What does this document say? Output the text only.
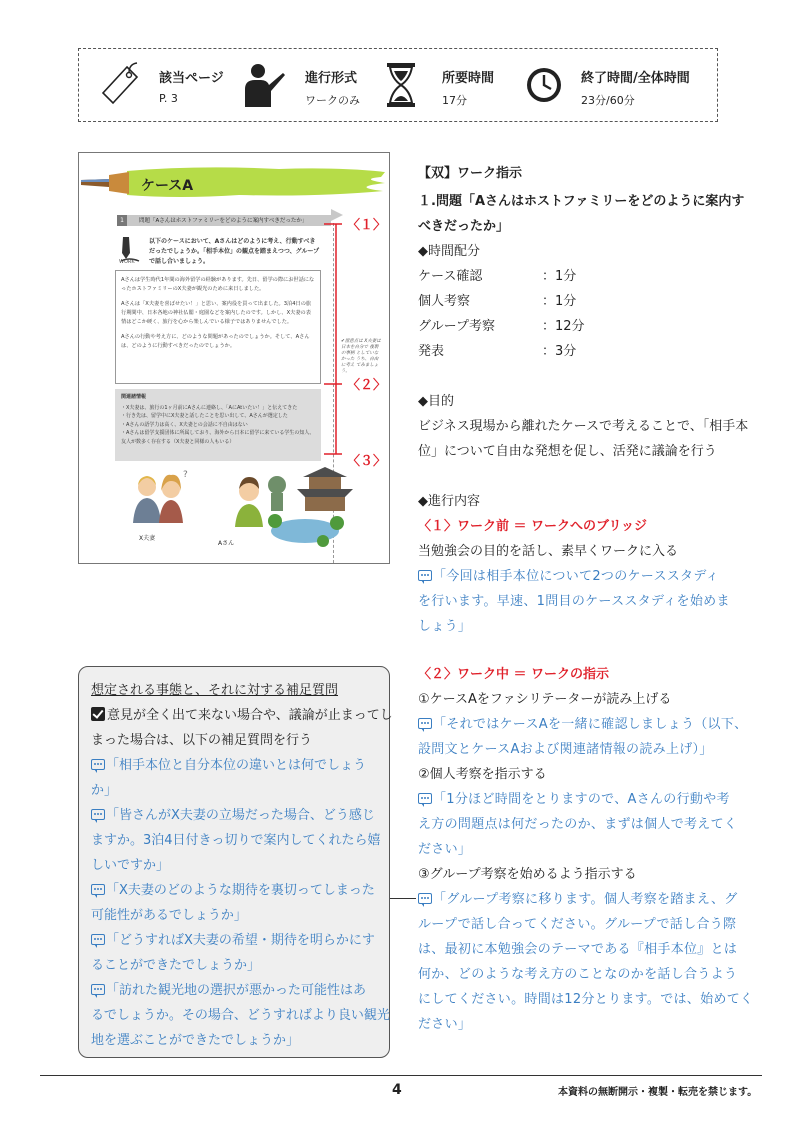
該当ページ
P. 3
進行形式
ワークのみ
所要時間
17分
終了時間/全体時間
23分/60分
ケースA
1	問題「Aさんはホストファミリーをどのように案内すべきだったか」
WORK
以下のケースにおいて、Aさんはどのように考え、行動すべきだったでしょうか。「相手本位」の観点を踏まえつつ、グループで話し合いましょう。

Aさんは学生時代1年間の海外留学の経験があります。先日、留学の際にお世話になったホストファミリーのX夫妻が観光のために来日しました。

Aさんは「X夫妻を喜ばせたい！」と思い、案内役を買って出ました。3泊4日の旅行期間中、日本各地の神社仏閣・庭園などを案内したのです。しかし、X夫妻の表情はどこか硬く、旅行を心から楽しんでいる様子ではありませんでした。

Aさんの行動や考え方に、どのような問題があったのでしょうか。そして、Aさんは、どのように行動すべきだったのでしょうか。

関連諸情報
・X夫妻は、旅行の1ヶ月前にAさんに連絡し、「AにAtいたい！」と伝えてきた
・行き先は、留学中にX夫妻と話したことを思い出して、Aさんが選定した
・Aさんの語学力は高く、X夫妻との会話に不自由はない
・Aさんは留学支援団体に所属しており、海外から日本に留学に来ている学生の知人、友人が数多く存在する（X夫妻と同様の人もいる）
✔留意点は X夫妻は日本を自分で 複製の事柄 としていなかった うち、自由に考え てみましょう。
?
X夫妻
Aさん
〈１〉
〈２〉
〈３〉
【双】ワーク指示
１.問題「Aさんはホストファミリーをどのように案内す
べきだったか」
◆時間配分
ケース確認	：1分
個人考察	：1分
グループ考察	：12分
発表	：3分
◆目的
ビジネス現場から離れたケースで考えることで、「相手本
位」について自由な発想を促し、活発に議論を行う
◆進行内容
〈１〉ワーク前 ＝ ワークへのブリッジ
当勉強会の目的を話し、素早くワークに入る
「今回は相手本位について2つのケーススタディ
を行います。早速、1問目のケーススタディを始めま
しょう」
〈２〉ワーク中 ＝ ワークの指示
①ケースAをファシリテーターが読み上げる
「それではケースAを一緒に確認しましょう（以下、
設問文とケースAおよび関連諸情報の読み上げ）」
②個人考察を指示する
「1分ほど時間をとりますので、Aさんの行動や考
え方の問題点は何だったのか、まずは個人で考えてく
ださい」
③グループ考察を始めるよう指示する
「グループ考察に移ります。個人考察を踏まえ、グ
ループで話し合ってください。グループで話し合う際
は、最初に本勉強会のテーマである『相手本位』とは
何か、どのような考え方のことなのかを話し合うよう
にしてください。時間は12分とります。では、始めてく
ださい」
想定される事態と、それに対する補足質問
意見が全く出て来ない場合や、議論が止まってし
まった場合は、以下の補足質問を行う
「相手本位と自分本位の違いとは何でしょう
か」
「皆さんがX夫妻の立場だった場合、どう感じ
ますか。3泊4日付きっ切りで案内してくれたら嬉
しいですか」
「X夫妻のどのような期待を裏切ってしまった
可能性があるでしょうか」
「どうすればX夫妻の希望・期待を明らかにす
ることができたでしょうか」
「訪れた観光地の選択が悪かった可能性はあ
るでしょうか。その場合、どうすればより良い観光
地を選ぶことができたでしょうか」
4	本資料の無断開示・複製・転売を禁じます。
